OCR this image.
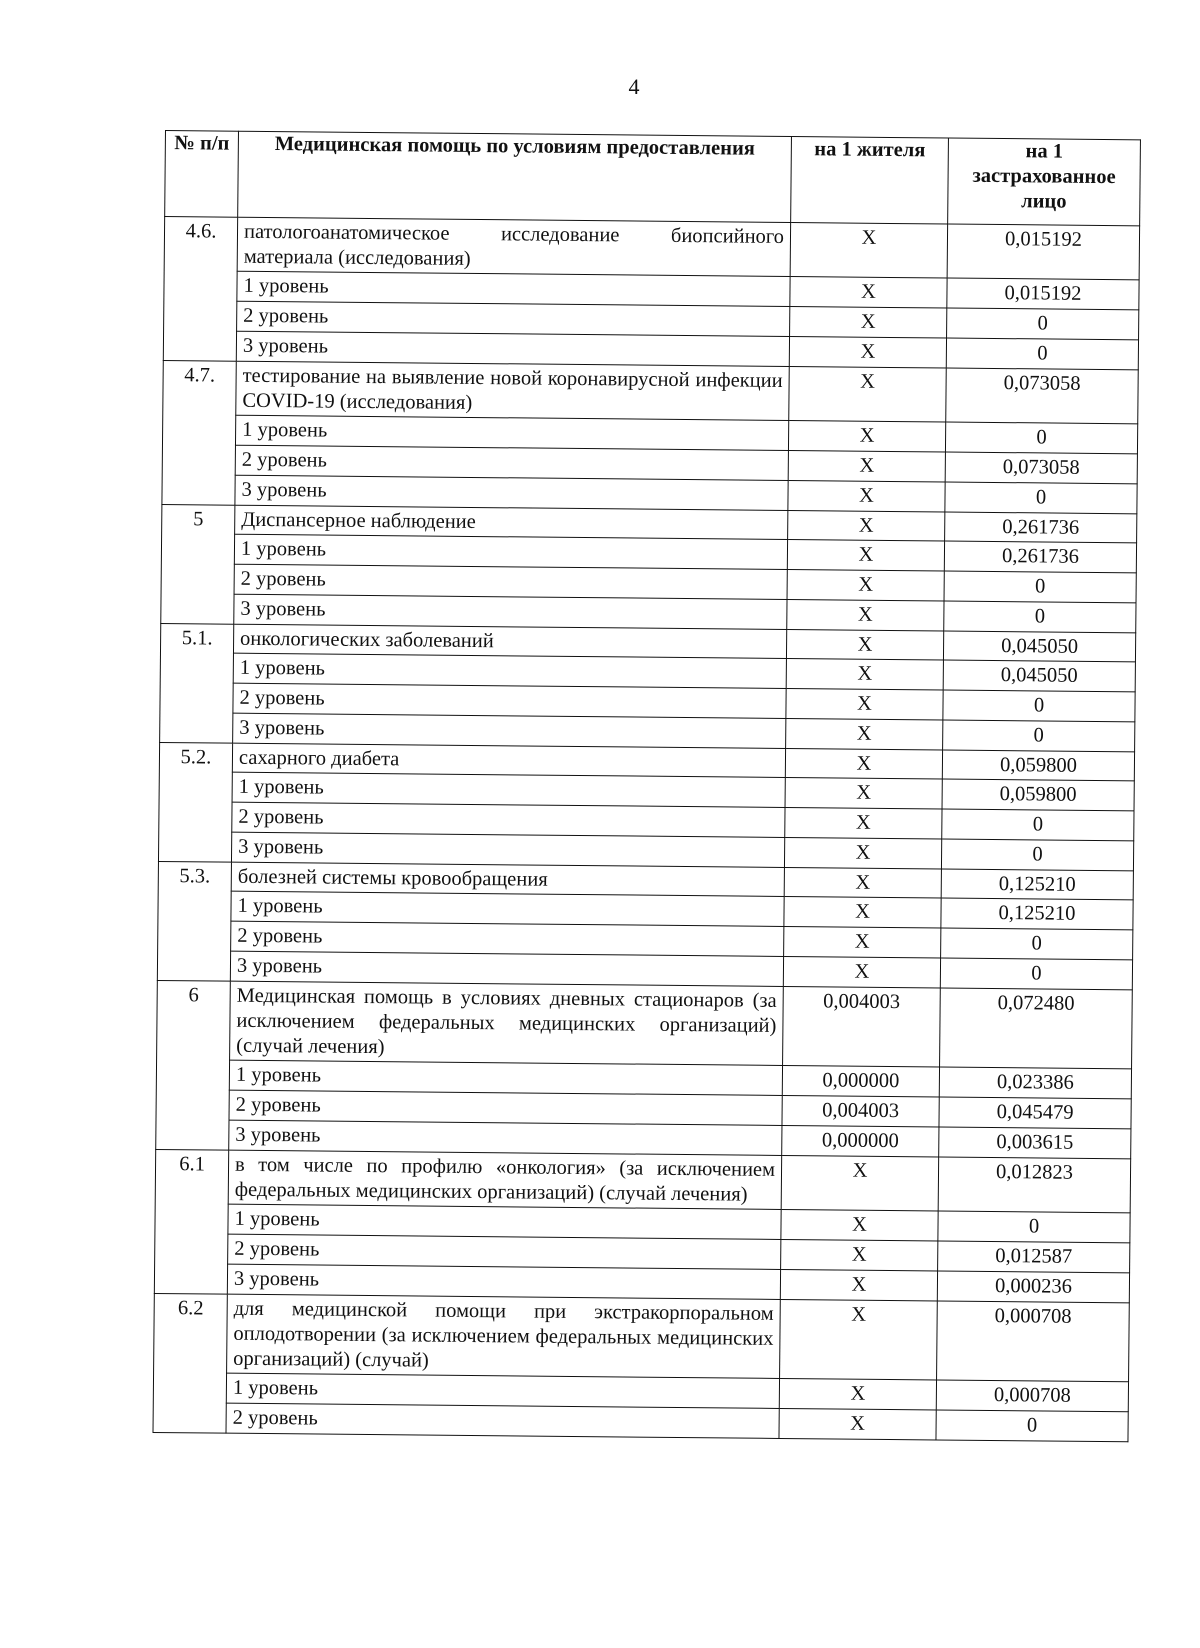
4
№ п/п	Медицинская помощь по условиям предоставления	на 1 жителя	на 1 застрахованное лицо
4.6.	патологоанатомическое исследование биопсийного материала (исследования)	X	0,015192
	1 уровень	X	0,015192
	2 уровень	X	0
	3 уровень	X	0
4.7.	тестирование на выявление новой коронавирусной инфекции COVID-19 (исследования)	X	0,073058
	1 уровень	X	0
	2 уровень	X	0,073058
	3 уровень	X	0
5	Диспансерное наблюдение	X	0,261736
	1 уровень	X	0,261736
	2 уровень	X	0
	3 уровень	X	0
5.1.	онкологических заболеваний	X	0,045050
	1 уровень	X	0,045050
	2 уровень	X	0
	3 уровень	X	0
5.2.	сахарного диабета	X	0,059800
	1 уровень	X	0,059800
	2 уровень	X	0
	3 уровень	X	0
5.3.	болезней системы кровообращения	X	0,125210
	1 уровень	X	0,125210
	2 уровень	X	0
	3 уровень	X	0
6	Медицинская помощь в условиях дневных стационаров (за исключением федеральных медицинских организаций) (случай лечения)	0,004003	0,072480
	1 уровень	0,000000	0,023386
	2 уровень	0,004003	0,045479
	3 уровень	0,000000	0,003615
6.1	в том числе по профилю «онкология» (за исключением федеральных медицинских организаций) (случай лечения)	X	0,012823
	1 уровень	X	0
	2 уровень	X	0,012587
	3 уровень	X	0,000236
6.2	для медицинской помощи при экстракорпоральном оплодотворении (за исключением федеральных медицинских организаций) (случай)	X	0,000708
	1 уровень	X	0,000708
	2 уровень	X	0
